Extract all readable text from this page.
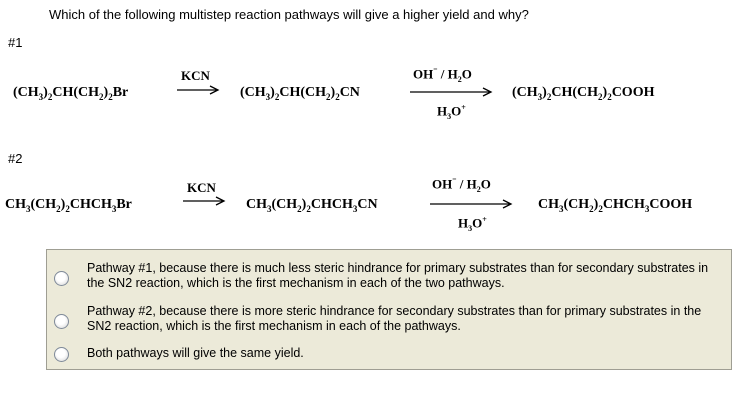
Which of the following multistep reaction pathways will give a higher yield and why?
#1
$(CH_3)_2CH(CH_2)_2Br$
KCN
$(CH_3)_2CH(CH_2)_2CN$
$OH^{^-} / H_2O$
$H_3O^+$
$(CH_3)_2CH(CH_2)_2COOH$
#2
$CH_3(CH_2)_2CHCH_3Br$
KCN
$CH_3(CH_2)_2CHCH_3CN$
$OH^{^-} / H_2O$
$H_3O^+$
$CH_3(CH_2)_2CHCH_3COOH$
Pathway #1, because there is much less steric hindrance for primary substrates than for secondary substrates in the SN2 reaction, which is the first mechanism in each of the two pathways.
Pathway #2, because there is more steric hindrance for secondary substrates than for primary substrates in the SN2 reaction, which is the first mechanism in each of the pathways.
Both pathways will give the same yield.
